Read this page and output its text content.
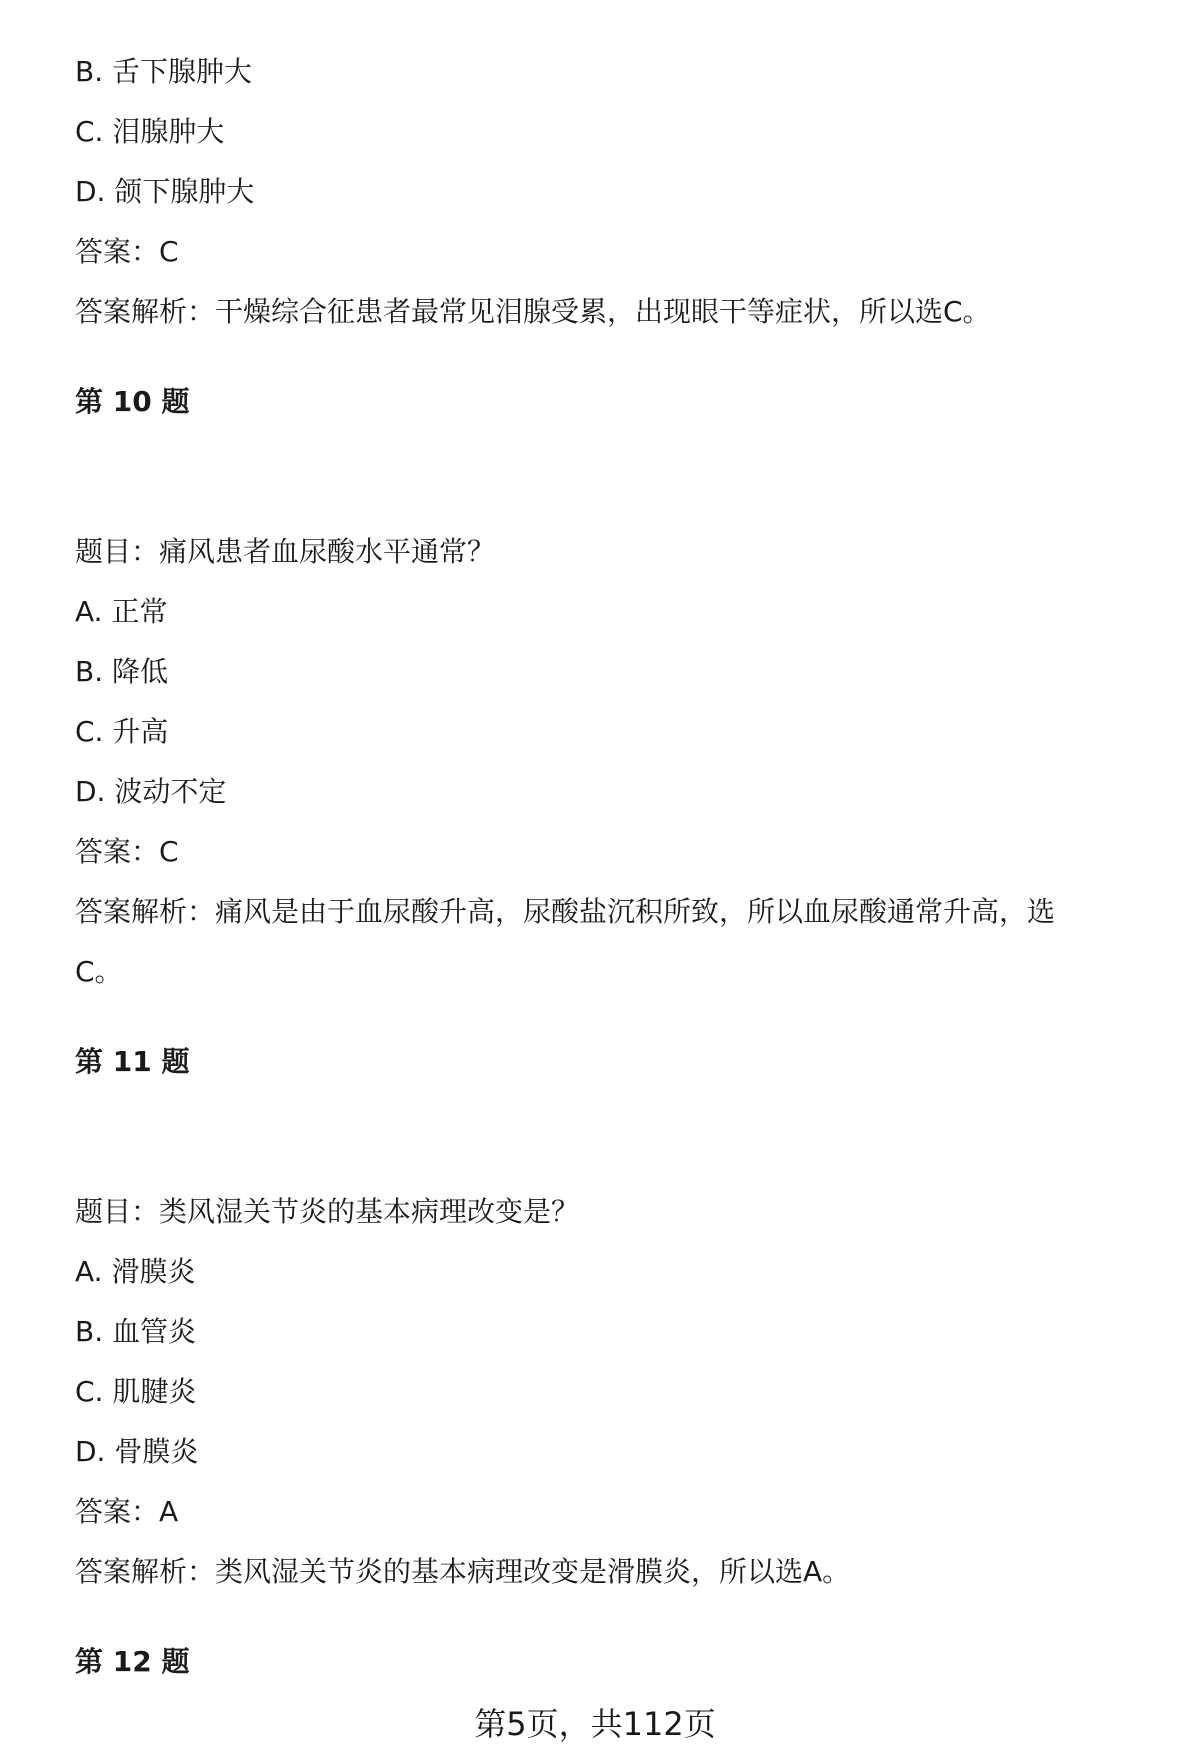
B. 舌下腺肿大
C. 泪腺肿大
D. 颌下腺肿大
答案：C
答案解析：干燥综合征患者最常见泪腺受累，出现眼干等症状，所以选C。
第 10 题
题目：痛风患者血尿酸水平通常？
A. 正常
B. 降低
C. 升高
D. 波动不定
答案：C
答案解析：痛风是由于血尿酸升高，尿酸盐沉积所致，所以血尿酸通常升高，选
C。
第 11 题
题目：类风湿关节炎的基本病理改变是？
A. 滑膜炎
B. 血管炎
C. 肌腱炎
D. 骨膜炎
答案：A
答案解析：类风湿关节炎的基本病理改变是滑膜炎，所以选A。
第 12 题
第5页，共112页
